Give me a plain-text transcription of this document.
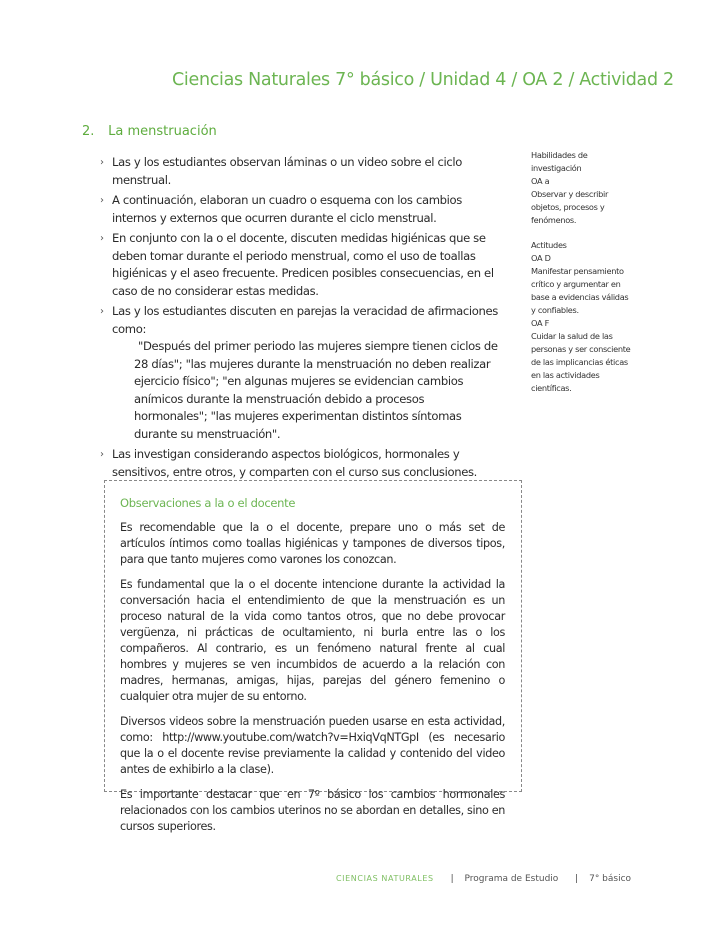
Ciencias Naturales 7° básico / Unidad 4 / OA 2 / Actividad 2
2. La menstruación
› Las y los estudiantes observan láminas o un video sobre el ciclo menstrual.
› A continuación, elaboran un cuadro o esquema con los cambios internos y externos que ocurren durante el ciclo menstrual.
› En conjunto con la o el docente, discuten medidas higiénicas que se deben tomar durante el periodo menstrual, como el uso de toallas higiénicas y el aseo frecuente. Predicen posibles consecuencias, en el caso de no considerar estas medidas.
› Las y los estudiantes discuten en parejas la veracidad de afirmaciones como:
"Después del primer periodo las mujeres siempre tienen ciclos de 28 días"; "las mujeres durante la menstruación no deben realizar ejercicio físico"; "en algunas mujeres se evidencian cambios anímicos durante la menstruación debido a procesos hormonales"; "las mujeres experimentan distintos síntomas durante su menstruación".
› Las investigan considerando aspectos biológicos, hormonales y sensitivos, entre otros, y comparten con el curso sus conclusiones.
Habilidades de investigación
OA a
Observar y describir objetos, procesos y fenómenos.
Actitudes
OA D
Manifestar pensamiento crítico y argumentar en base a evidencias válidas y confiables.
OA F
Cuidar la salud de las personas y ser consciente de las implicancias éticas en las actividades científicas.
Observaciones a la o el docente

Es recomendable que la o el docente, prepare uno o más set de artículos íntimos como toallas higiénicas y tampones de diversos tipos, para que tanto mujeres como varones los conozcan.

Es fundamental que la o el docente intencione durante la actividad la conversación hacia el entendimiento de que la menstruación es un proceso natural de la vida como tantos otros, que no debe provocar vergüenza, ni prácticas de ocultamiento, ni burla entre las o los compañeros. Al contrario, es un fenómeno natural frente al cual hombres y mujeres se ven incumbidos de acuerdo a la relación con madres, hermanas, amigas, hijas, parejas del género femenino o cualquier otra mujer de su entorno.

Diversos videos sobre la menstruación pueden usarse en esta actividad, como: http://www.youtube.com/watch?v=HxiqVqNTGpI (es necesario que la o el docente revise previamente la calidad y contenido del video antes de exhibirlo a la clase).

Es importante destacar que en 7º básico los cambios hormonales relacionados con los cambios uterinos no se abordan en detalles, sino en cursos superiores.

CIENCIAS NATURALES | Programa de Estudio | 7° básico
